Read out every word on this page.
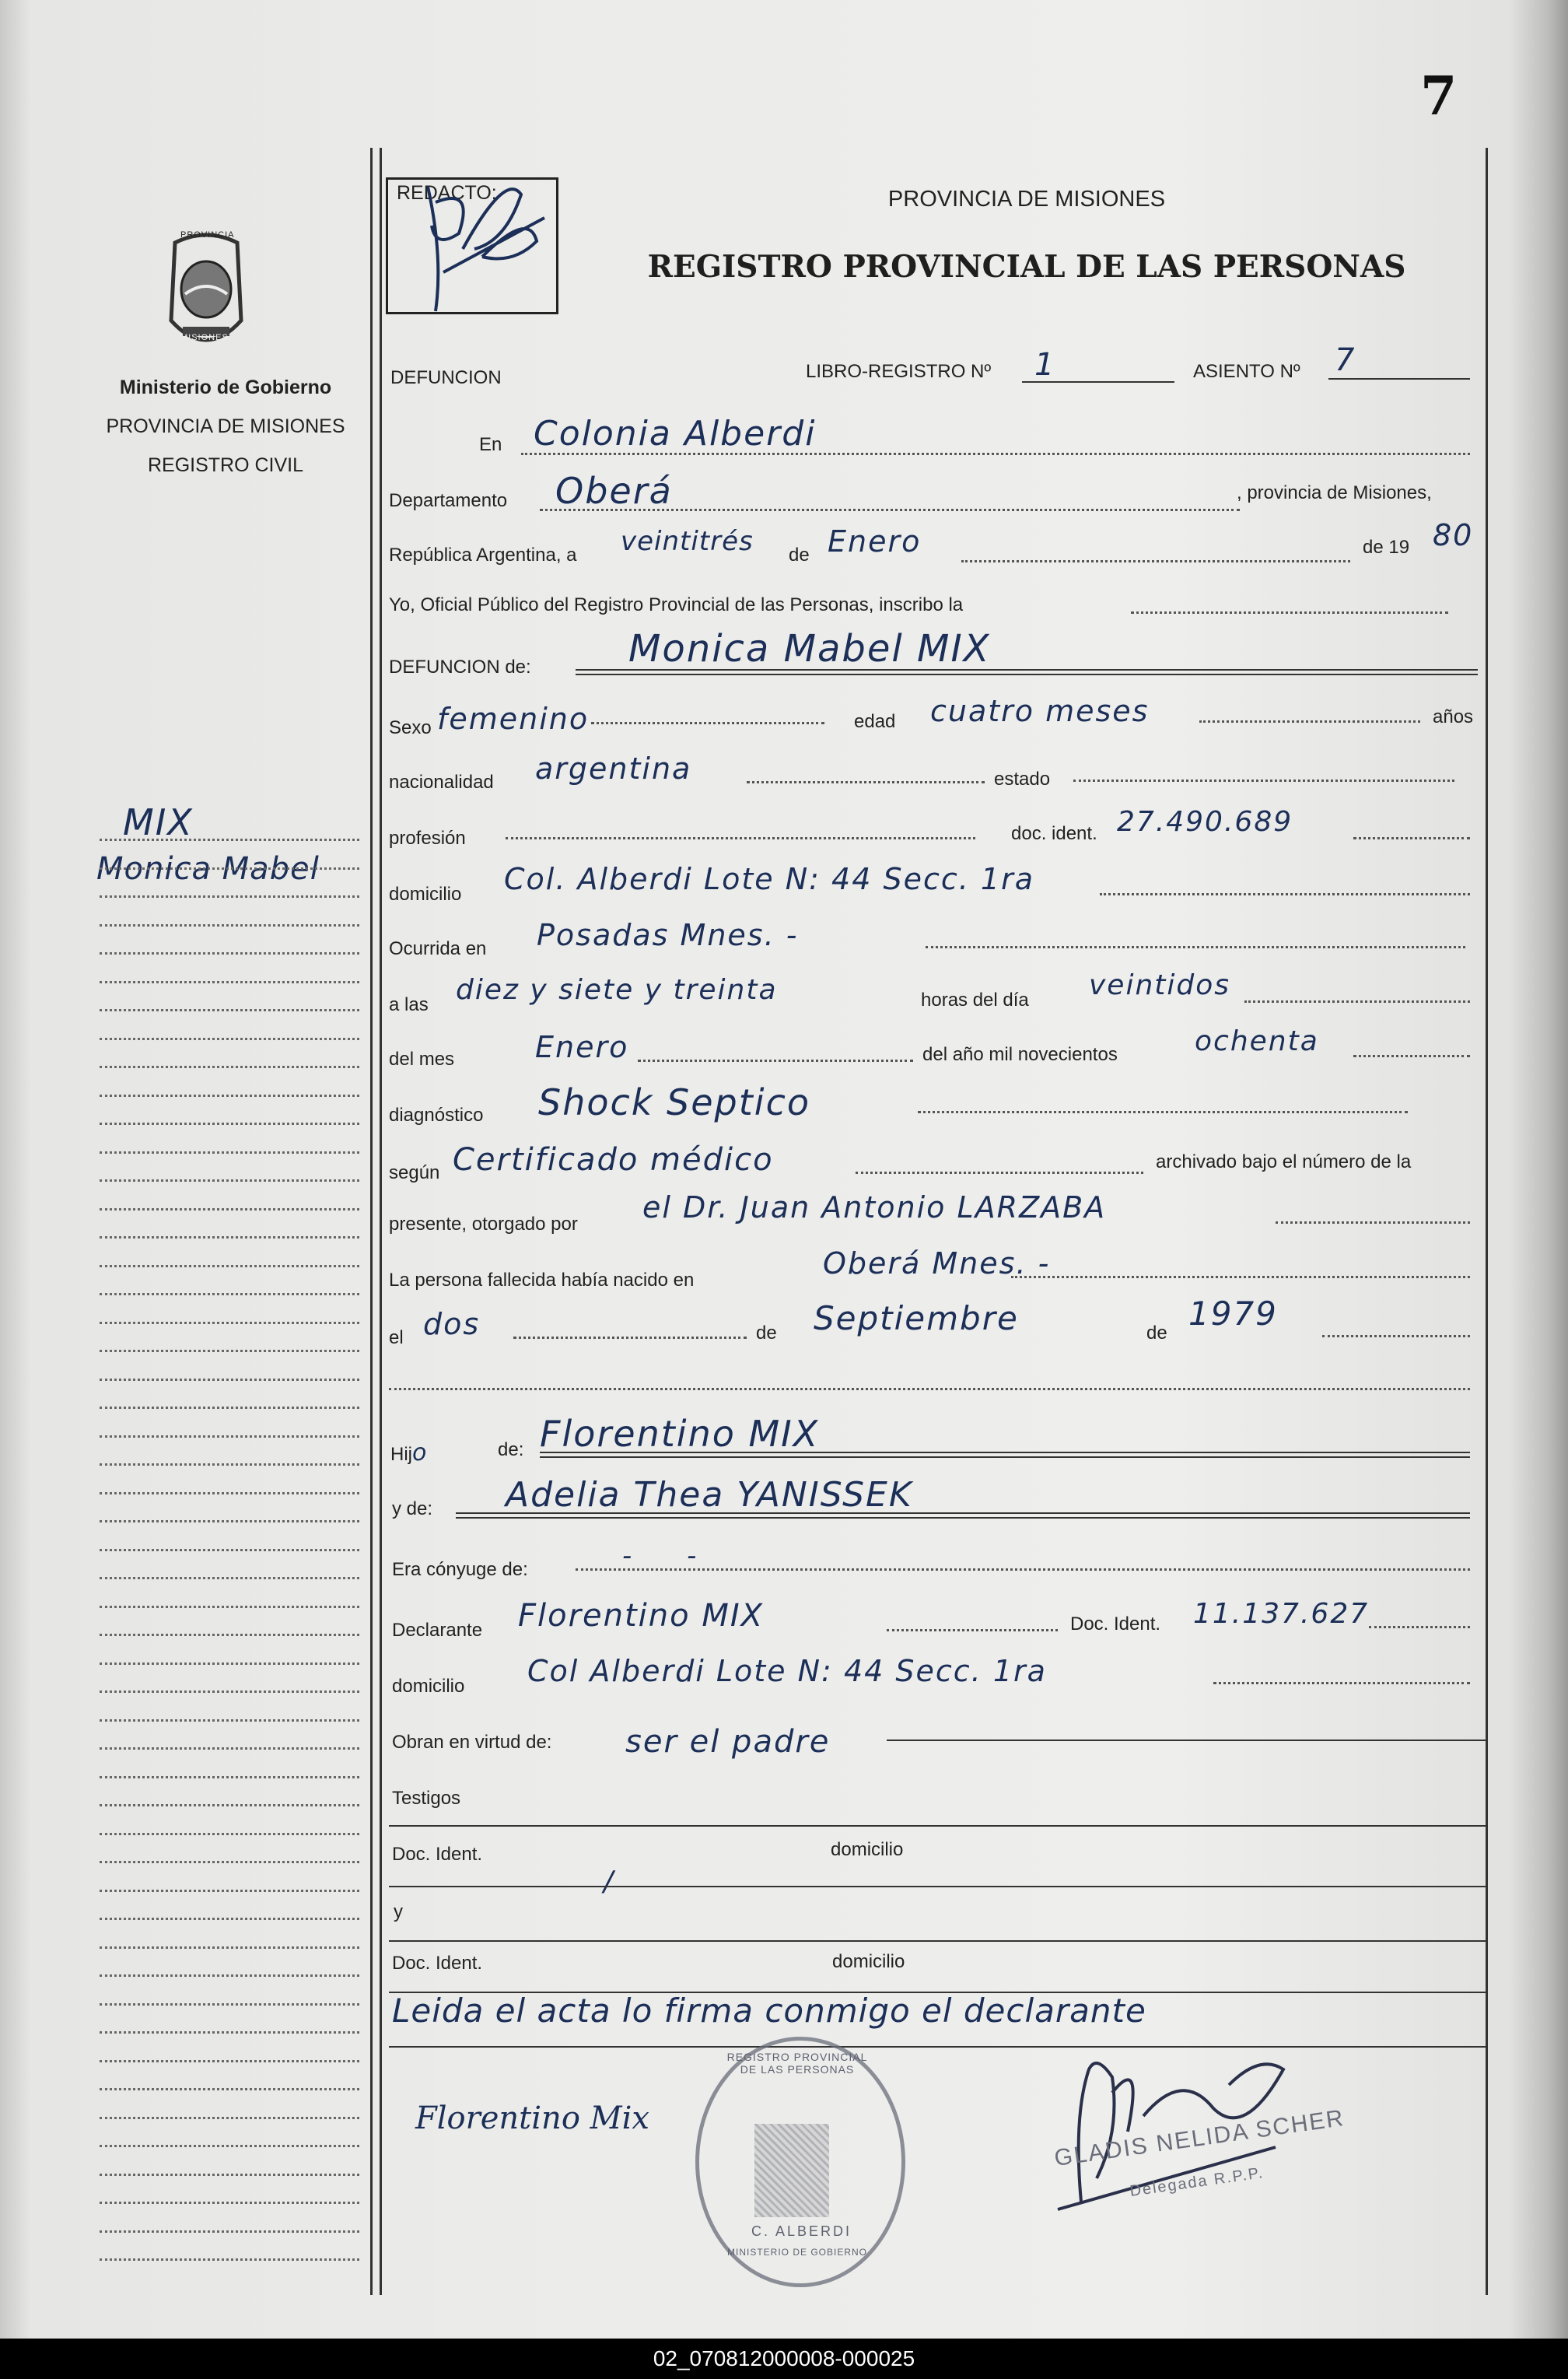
7
PROVINCIA
MISIONES
Ministerio de Gobierno
PROVINCIA DE MISIONES
REGISTRO CIVIL
MIX
Monica Mabel
REDACTO:	PROVINCIA DE MISIONES
REGISTRO PROVINCIAL DE LAS PERSONAS
DEFUNCION	LIBRO-REGISTRO Nº 1	ASIENTO Nº 7
En Colonia Alberdi
Departamento Oberá	, provincia de Misiones,
República Argentina, a veintitrés de Enero	de 19 80
Yo, Oficial Público del Registro Provincial de las Personas, inscribo la
DEFUNCION de:	Monica Mabel MIX
Sexo femenino	edad cuatro meses	años
nacionalidad argentina	estado
profesión	doc. ident. 27.490.689
domicilio Col. Alberdi Lote N: 44 Secc. 1ra
Ocurrida en Posadas Mnes. -
a las diez y siete y treinta	horas del día veintidos
del mes	Enero	del año mil novecientos	ochenta
diagnóstico Shock Septico
según Certificado médico	archivado bajo el número de la
presente, otorgado por el Dr. Juan Antonio LARZABA
La persona fallecida había nacido en	Oberá Mnes. -
el dos	de Septiembre	de
1979
Hijo	de: Florentino MIX
y de: Adelia Thea YANISSEK
Era cónyuge de:	- -
Declarante Florentino MIX	Doc. Ident. 11.137.627
domicilio Col Alberdi Lote N: 44 Secc. 1ra
Obran en virtud de: ser el padre
Testigos
Doc. Ident.	domicilio
/
y
Doc. Ident.	domicilio
Leida el acta lo firma conmigo el declarante
Florentino Mix
REGISTRO PROVINCIAL DE LAS PERSONAS
C. ALBERDI
MINISTERIO DE GOBIERNO
GLADIS NELIDA SCHER
Delegada R.P.P.
02_070812000008-000025
